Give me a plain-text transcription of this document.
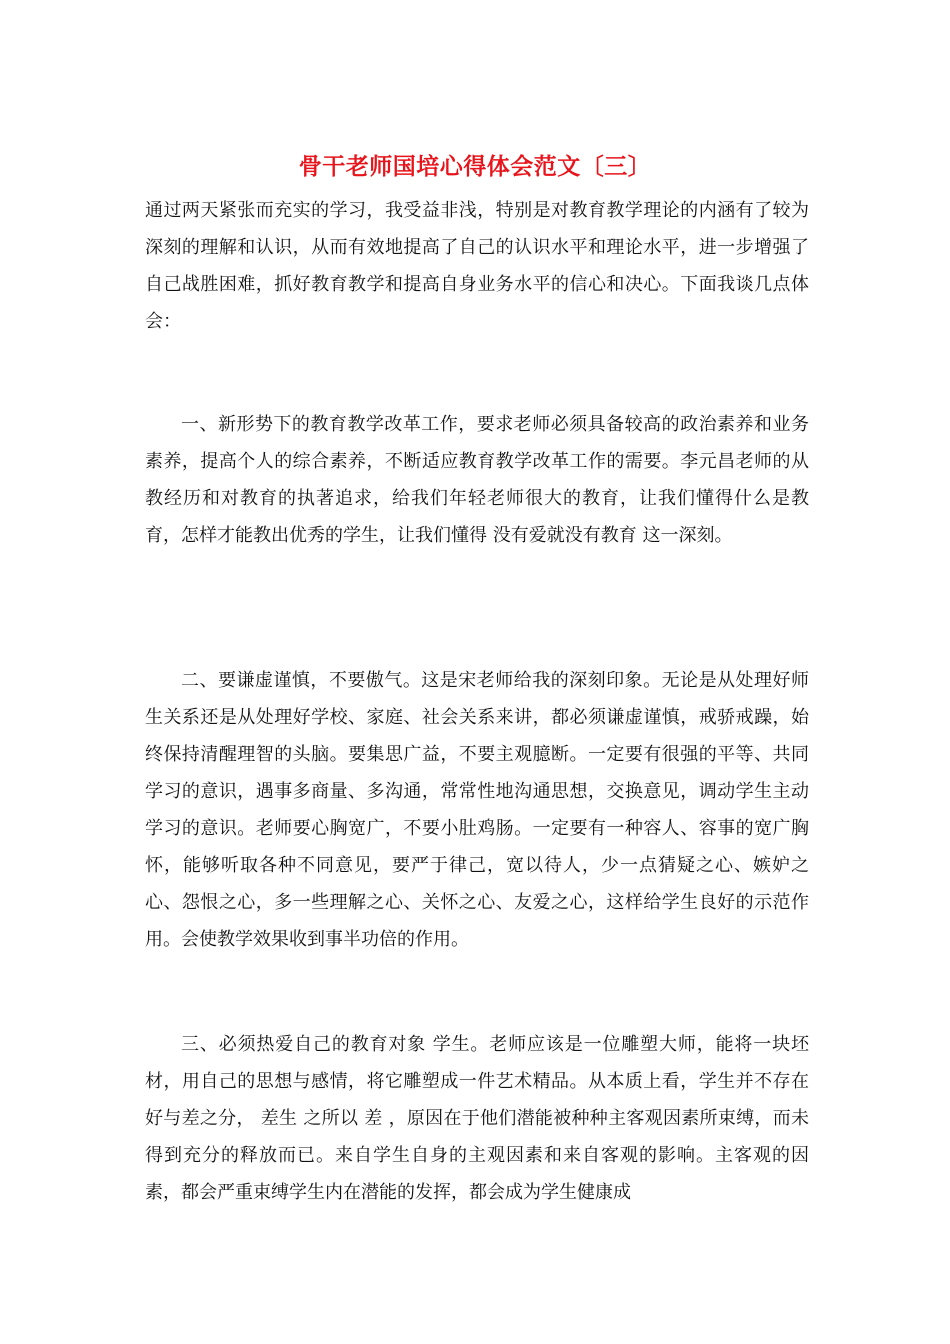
骨干老师国培心得体会范文〔三〕

通过两天紧张而充实的学习，我受益非浅，特别是对教育教学理论的内涵有了较为深刻的理解和认识，从而有效地提高了自己的认识水平和理论水平，进一步增强了自己战胜困难，抓好教育教学和提高自身业务水平的信心和决心。下面我谈几点体会：

一、新形势下的教育教学改革工作，要求老师必须具备较高的政治素养和业务素养，提高个人的综合素养，不断适应教育教学改革工作的需要。李元昌老师的从教经历和对教育的执著追求，给我们年轻老师很大的教育，让我们懂得什么是教育，怎样才能教出优秀的学生，让我们懂得 没有爱就没有教育 这一深刻。

二、要谦虚谨慎，不要傲气。这是宋老师给我的深刻印象。无论是从处理好师生关系还是从处理好学校、家庭、社会关系来讲，都必须谦虚谨慎，戒骄戒躁，始终保持清醒理智的头脑。要集思广益，不要主观臆断。一定要有很强的平等、共同学习的意识，遇事多商量、多沟通，常常性地沟通思想，交换意见，调动学生主动学习的意识。老师要心胸宽广，不要小肚鸡肠。一定要有一种容人、容事的宽广胸怀，能够听取各种不同意见，要严于律己，宽以待人，少一点猜疑之心、嫉妒之心、怨恨之心，多一些理解之心、关怀之心、友爱之心，这样给学生良好的示范作用。会使教学效果收到事半功倍的作用。

三、必须热爱自己的教育对象 学生。老师应该是一位雕塑大师，能将一块坯材，用自己的思想与感情，将它雕塑成一件艺术精品。从本质上看，学生并不存在好与差之分， 差生 之所以 差 ，原因在于他们潜能被种种主客观因素所束缚，而未得到充分的释放而已。来自学生自身的主观因素和来自客观的影响。主客观的因素，都会严重束缚学生内在潜能的发挥，都会成为学生健康成
